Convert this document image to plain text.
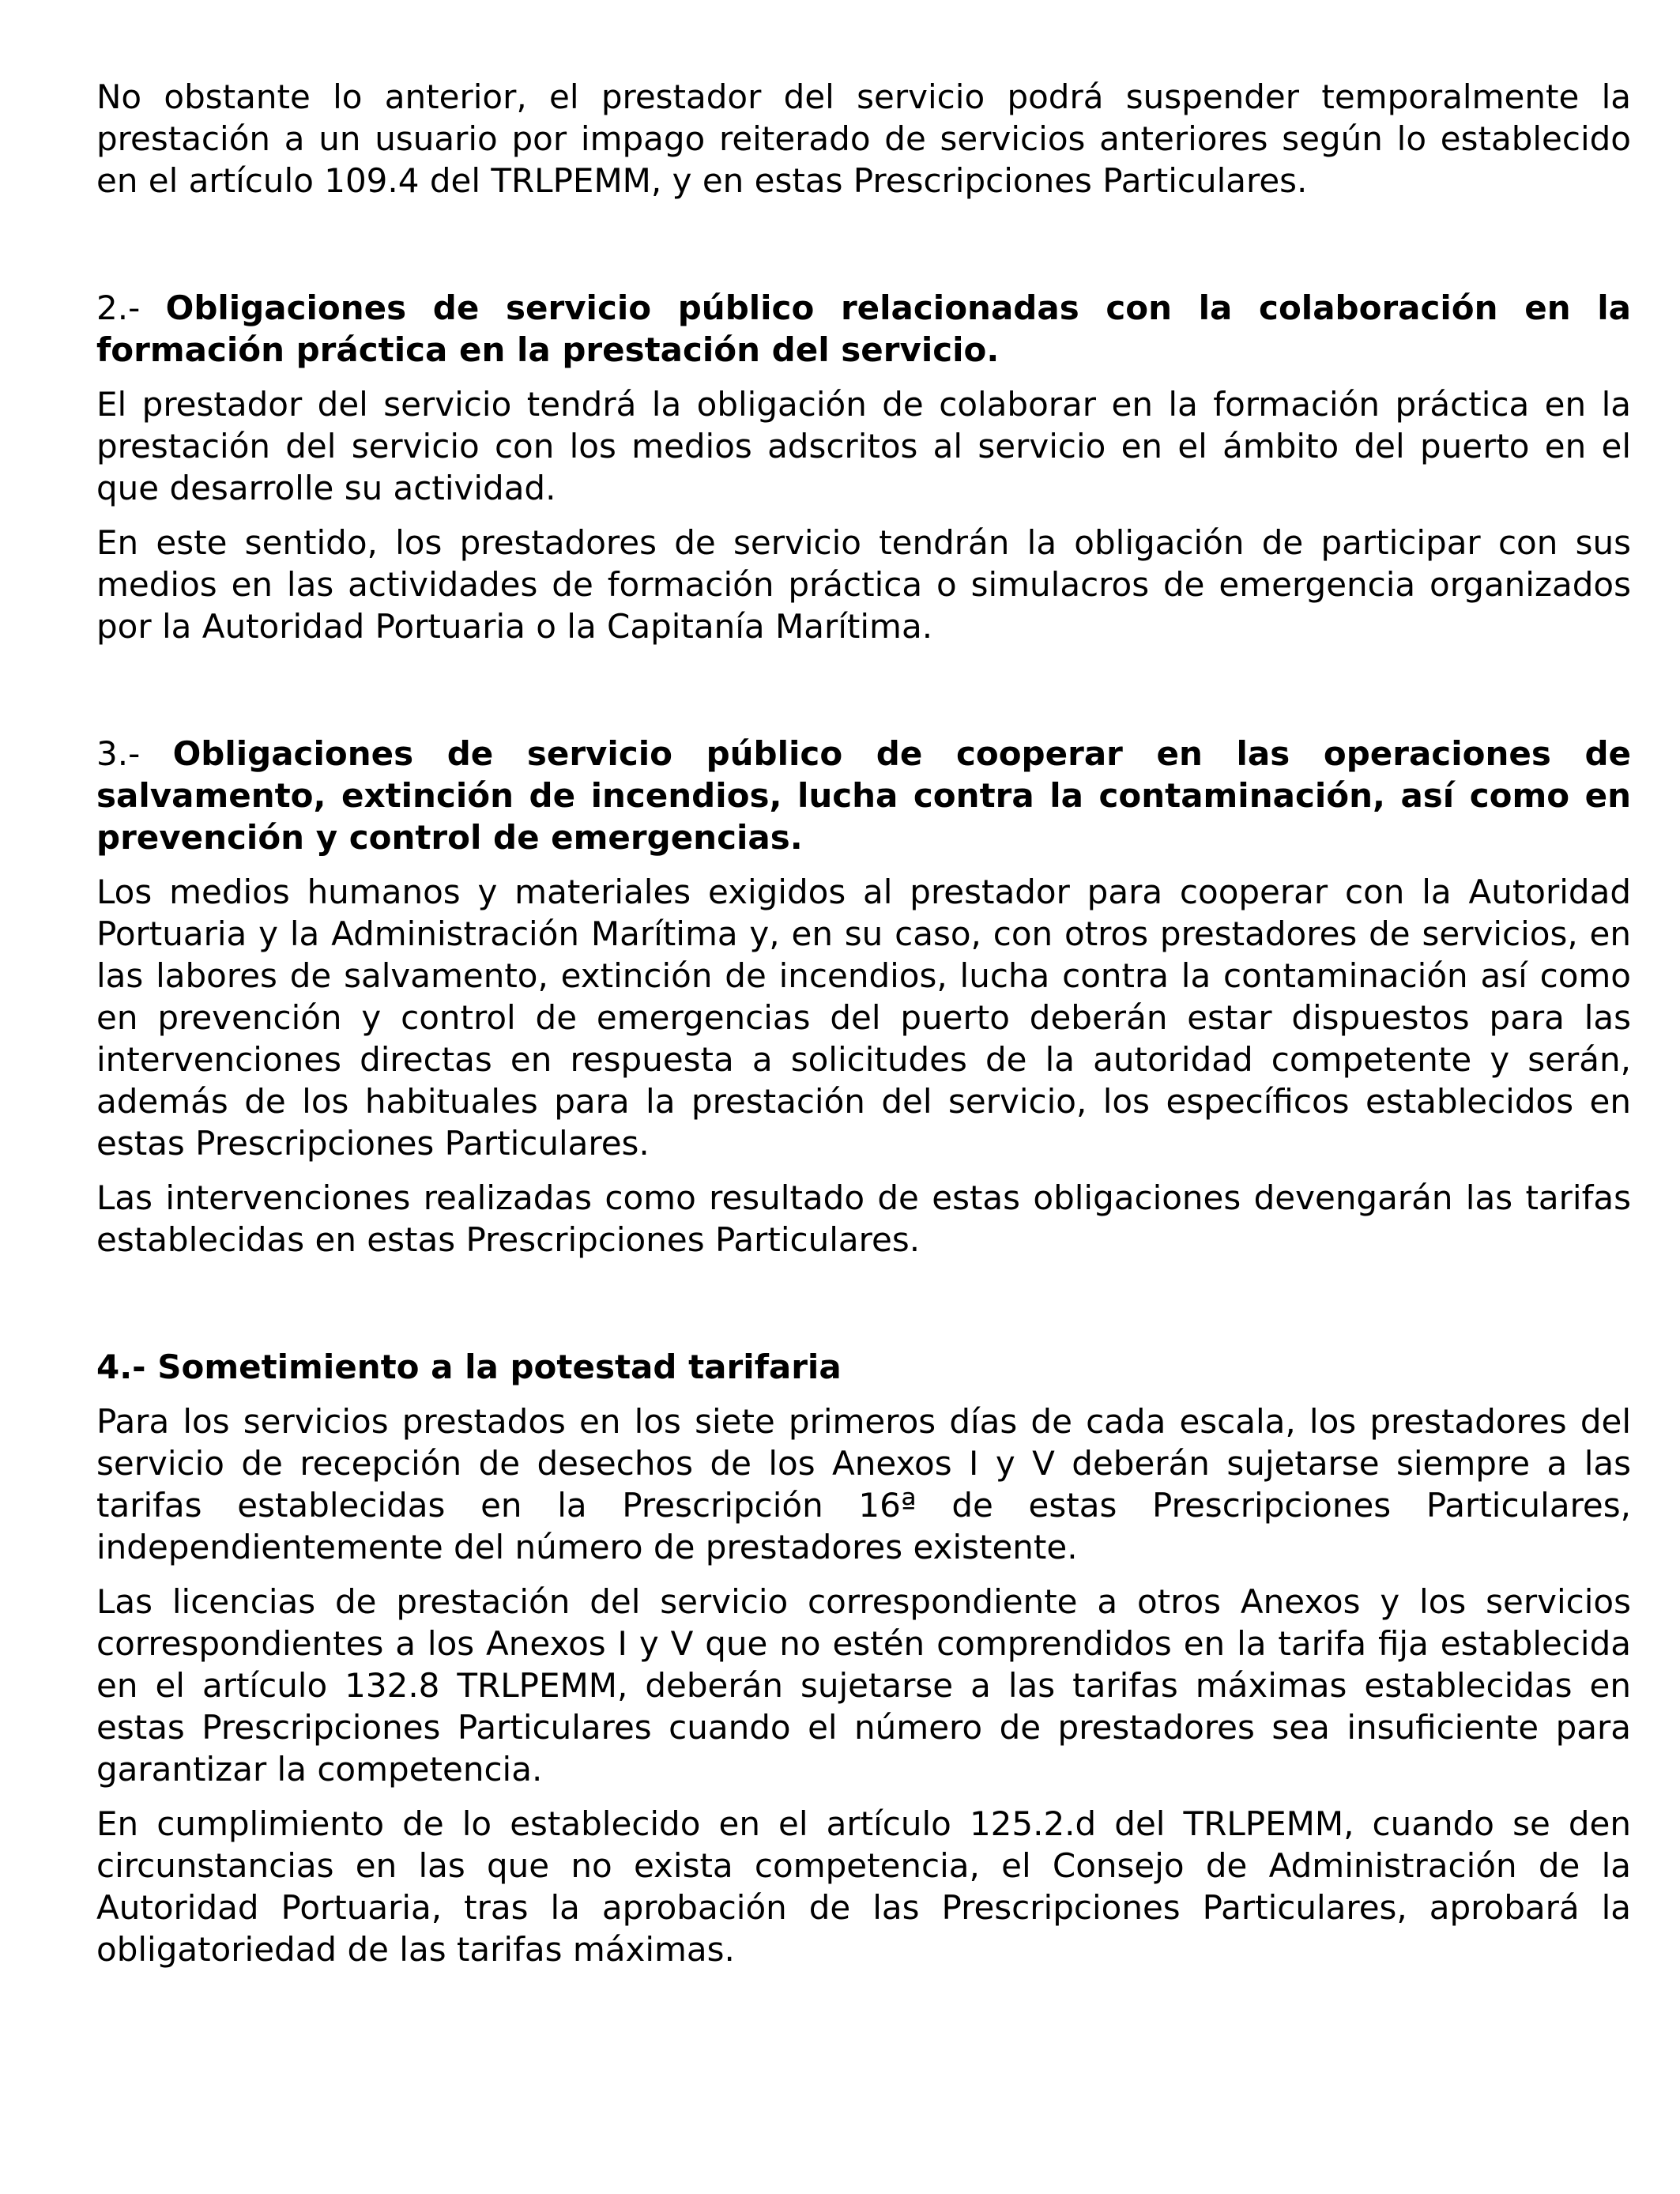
No obstante lo anterior, el prestador del servicio podrá suspender temporalmente la prestación a un usuario por impago reiterado de servicios anteriores según lo establecido en el artículo 109.4 del TRLPEMM, y en estas Prescripciones Particulares.

2.- Obligaciones de servicio público relacionadas con la colaboración en la formación práctica en la prestación del servicio.

El prestador del servicio tendrá la obligación de colaborar en la formación práctica en la prestación del servicio con los medios adscritos al servicio en el ámbito del puerto en el que desarrolle su actividad.

En este sentido, los prestadores de servicio tendrán la obligación de participar con sus medios en las actividades de formación práctica o simulacros de emergencia organizados por la Autoridad Portuaria o la Capitanía Marítima.

3.- Obligaciones de servicio público de cooperar en las operaciones de salvamento, extinción de incendios, lucha contra la contaminación, así como en prevención y control de emergencias.

Los medios humanos y materiales exigidos al prestador para cooperar con la Autoridad Portuaria y la Administración Marítima y, en su caso, con otros prestadores de servicios, en las labores de salvamento, extinción de incendios, lucha contra la contaminación así como en prevención y control de emergencias del puerto deberán estar dispuestos para las intervenciones directas en respuesta a solicitudes de la autoridad competente y serán, además de los habituales para la prestación del servicio, los específicos establecidos en estas Prescripciones Particulares.

Las intervenciones realizadas como resultado de estas obligaciones devengarán las tarifas establecidas en estas Prescripciones Particulares.

4.- Sometimiento a la potestad tarifaria

Para los servicios prestados en los siete primeros días de cada escala, los prestadores del servicio de recepción de desechos de los Anexos I y V deberán sujetarse siempre a las tarifas establecidas en la Prescripción 16ª de estas Prescripciones Particulares, independientemente del número de prestadores existente.

Las licencias de prestación del servicio correspondiente a otros Anexos y los servicios correspondientes a los Anexos I y V que no estén comprendidos en la tarifa fija establecida en el artículo 132.8 TRLPEMM, deberán sujetarse a las tarifas máximas establecidas en estas Prescripciones Particulares cuando el número de prestadores sea insuficiente para garantizar la competencia.

En cumplimiento de lo establecido en el artículo 125.2.d del TRLPEMM, cuando se den circunstancias en las que no exista competencia, el Consejo de Administración de la Autoridad Portuaria, tras la aprobación de las Prescripciones Particulares, aprobará la obligatoriedad de las tarifas máximas.
